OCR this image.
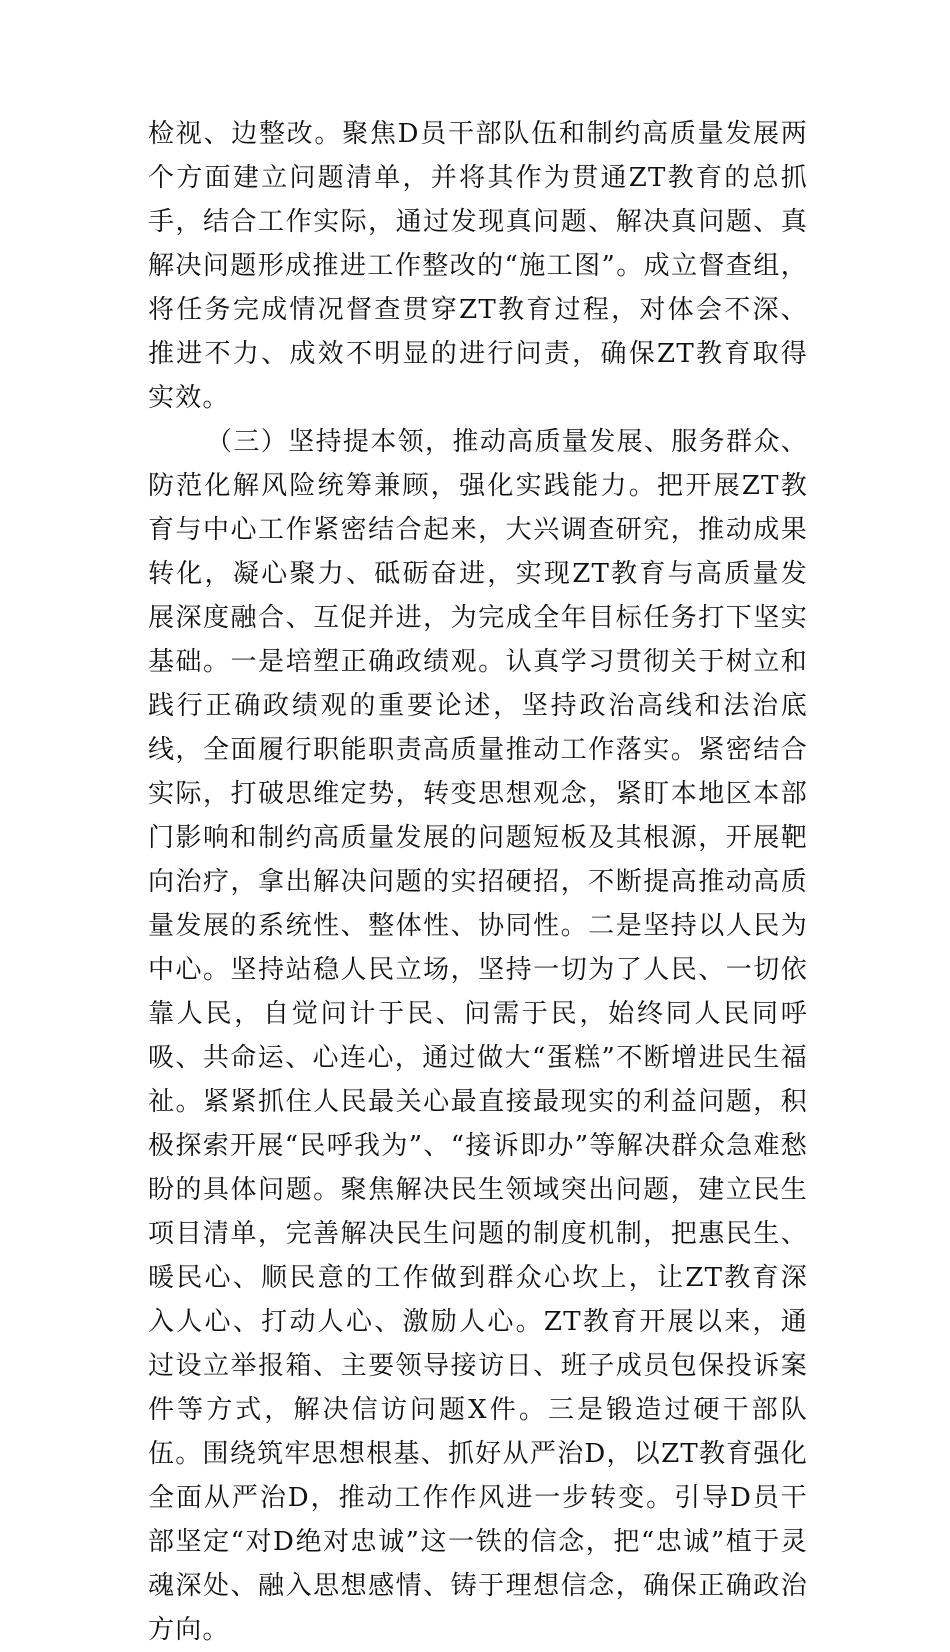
检视、边整改。聚焦D员干部队伍和制约高质量发展两个方面建立问题清单，并将其作为贯通ZT教育的总抓手，结合工作实际，通过发现真问题、解决真问题、真解决问题形成推进工作整改的“施工图”。成立督查组，将任务完成情况督查贯穿ZT教育过程，对体会不深、推进不力、成效不明显的进行问责，确保ZT教育取得实效。

（三）坚持提本领，推动高质量发展、服务群众、防范化解风险统筹兼顾，强化实践能力。把开展ZT教育与中心工作紧密结合起来，大兴调查研究，推动成果转化，凝心聚力、砥砺奋进，实现ZT教育与高质量发展深度融合、互促并进，为完成全年目标任务打下坚实基础。一是培塑正确政绩观。认真学习贯彻关于树立和践行正确政绩观的重要论述，坚持政治高线和法治底线，全面履行职能职责高质量推动工作落实。紧密结合实际，打破思维定势，转变思想观念，紧盯本地区本部门影响和制约高质量发展的问题短板及其根源，开展靶向治疗，拿出解决问题的实招硬招，不断提高推动高质量发展的系统性、整体性、协同性。二是坚持以人民为中心。坚持站稳人民立场，坚持一切为了人民、一切依靠人民，自觉问计于民、问需于民，始终同人民同呼吸、共命运、心连心，通过做大“蛋糕”不断增进民生福祉。紧紧抓住人民最关心最直接最现实的利益问题，积极探索开展“民呼我为”、“接诉即办”等解决群众急难愁盼的具体问题。聚焦解决民生领域突出问题，建立民生项目清单，完善解决民生问题的制度机制，把惠民生、暖民心、顺民意的工作做到群众心坎上，让ZT教育深入人心、打动人心、激励人心。ZT教育开展以来，通过设立举报箱、主要领导接访日、班子成员包保投诉案件等方式，解决信访问题X件。三是锻造过硬干部队伍。围绕筑牢思想根基、抓好从严治D，以ZT教育强化全面从严治D，推动工作作风进一步转变。引导D员干部坚定“对D绝对忠诚”这一铁的信念，把“忠诚”植于灵魂深处、融入思想感情、铸于理想信念，确保正确政治方向。
